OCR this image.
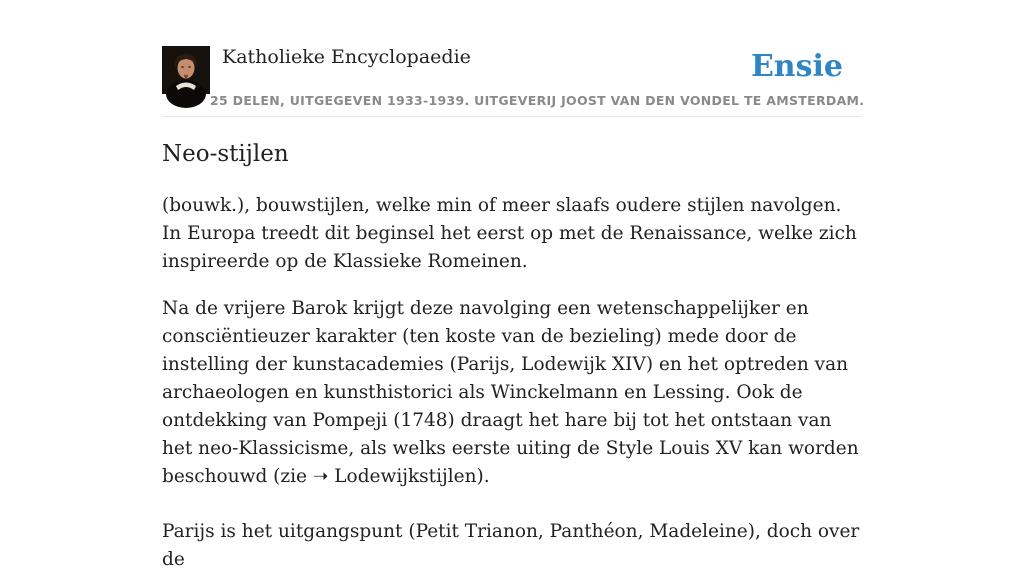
Katholieke Encyclopaedie
25 DELEN, UITGEGEVEN 1933-1939. UITGEVERIJ JOOST VAN DEN VONDEL TE AMSTERDAM.
Ensie
Neo-stijlen

(bouwk.), bouwstijlen, welke min of meer slaafs oudere stijlen navolgen. In Europa treedt dit beginsel het eerst op met de Renaissance, welke zich inspireerde op de Klassieke Romeinen.

Na de vrijere Barok krijgt deze navolging een wetenschappelijker en consciëntieuzer karakter (ten koste van de bezieling) mede door de instelling der kunstacademies (Parijs, Lodewijk XIV) en het optreden van archaeologen en kunsthistorici als Winckelmann en Lessing. Ook de ontdekking van Pompeji (1748) draagt het hare bij tot het ontstaan van het neo-Klassicisme, als welks eerste uiting de Style Louis XV kan worden beschouwd (zie ➝ Lodewijkstijlen).

Parijs is het uitgangspunt (Petit Trianon, Panthéon, Madeleine), doch over de
